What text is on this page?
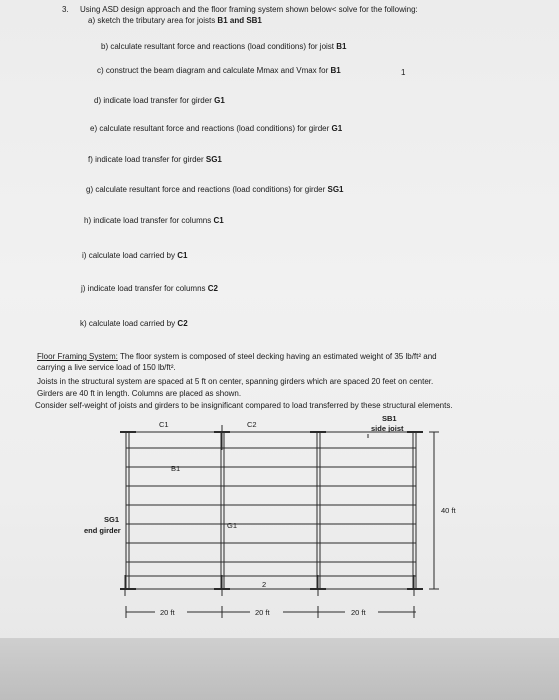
3. Using ASD design approach and the floor framing system shown below< solve for the following:
a) sketch the tributary area for joists B1 and SB1
b) calculate resultant force and reactions (load conditions) for joist B1
c) construct the beam diagram and calculate Mmax and Vmax for B1	1
d) indicate load transfer for girder G1
e) calculate resultant force and reactions (load conditions) for girder G1
f) indicate load transfer for girder SG1
g) calculate resultant force and reactions (load conditions) for girder SG1
h) indicate load transfer for columns C1
i) calculate load carried by C1
j) indicate load transfer for columns C2
k) calculate load carried by C2
Floor Framing System: The floor system is composed of steel decking having an estimated weight of 35 lb/ft² and
carrying a live service load of 150 lb/ft².
Joists in the structural system are spaced at 5 ft on center, spanning girders which are spaced 20 feet on center.
Girders are 40 ft in length. Columns are placed as shown.
Consider self-weight of joists and girders to be insignificant compared to load transferred by these structural elements.
C1	C2
SB1
side joist
B1
G1
SG1
end girder
40 ft
20 ft	20 ft	20 ft
2
